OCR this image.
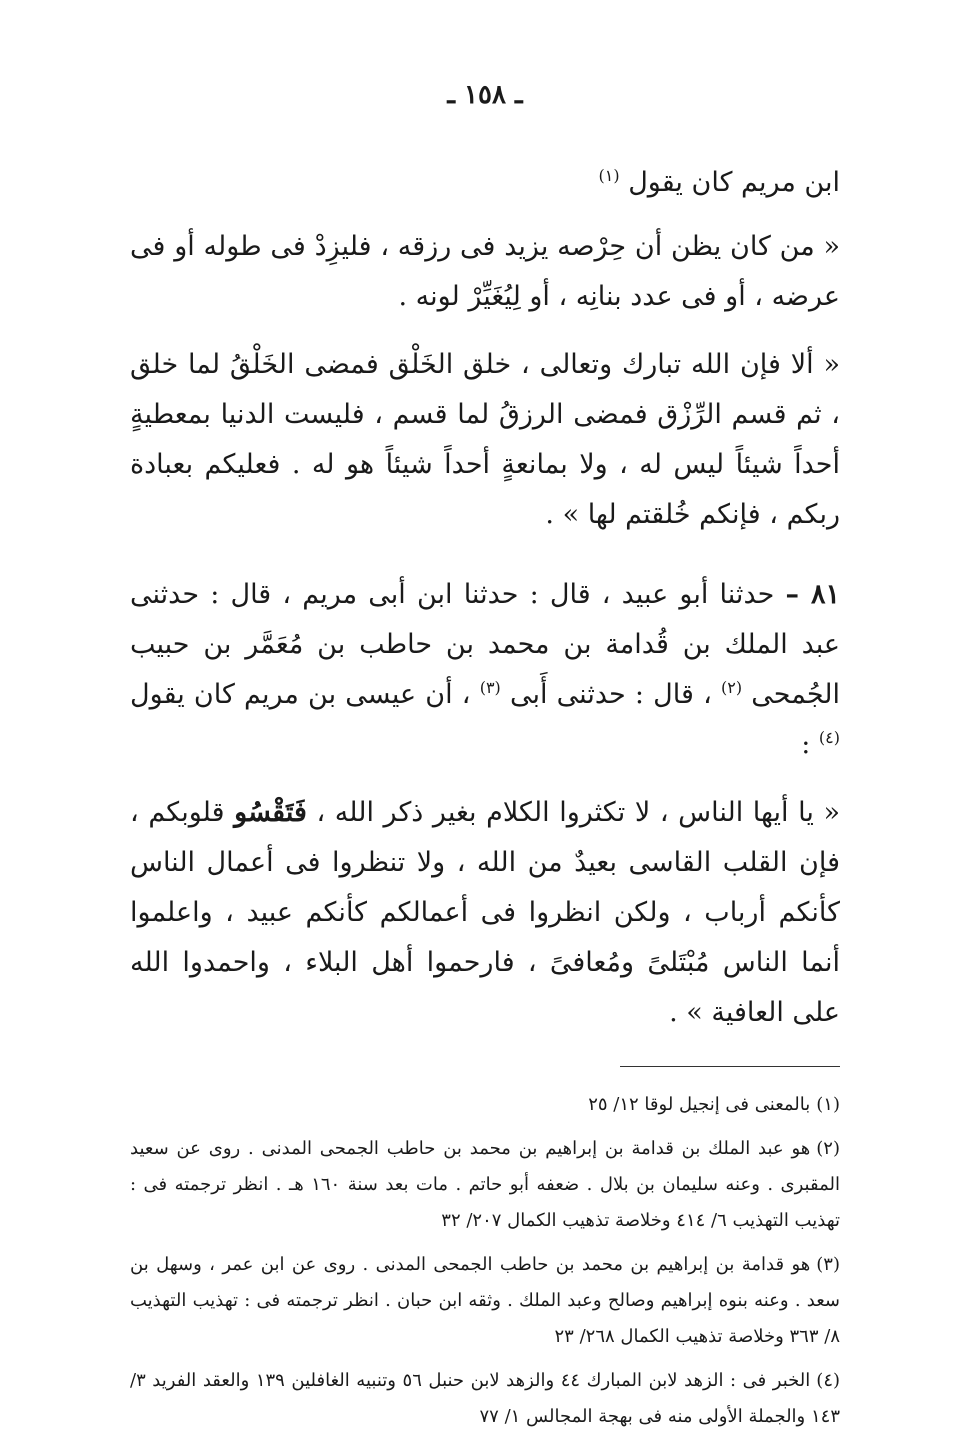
ـ ١٥٨ ـ

ابن مريم كان يقول $^{(١)}$

« من كان يظن أن حِرْصه يزيد فى رزقه ، فليزِدْ فى طوله أو فى عرضه ، أو فى عدد بنانِه ، أو لِيُغَيِّرْ لونه .

« ألا فإن الله تبارك وتعالى ، خلق الخَلْق فمضى الخَلْقُ لما خلق ، ثم قسم الرِّزْق فمضى الرزقُ لما قسم ، فليست الدنيا بمعطيةٍ أحداً شيئاً ليس له ، ولا بمانعةٍ أحداً شيئاً هو له . فعليكم بعبادة ربكم ، فإنكم خُلقتم لها » .

٨١ – حدثنا أبو عبيد ، قال : حدثنا ابن أبى مريم ، قال : حدثنى عبد الملك بن قُدامة بن محمد بن حاطب بن مُعَمَّر بن حبيب الجُمحى $^{(٢)}$ ، قال : حدثنى أَبى $^{(٣)}$ ، أن عيسى بن مريم كان يقول $^{(٤)}$ :

« يا أيها الناس ، لا تكثروا الكلام بغير ذكر الله ، فَتَقْسُو قلوبكم ، فإن القلب القاسى بعيدٌ من الله ، ولا تنظروا فى أعمال الناس كأنكم أرباب ، ولكن انظروا فى أعمالكم كأنكم عبيد ، واعلموا أنما الناس مُبْتَلىً ومُعافىً ، فارحموا أهل البلاء ، واحمدوا الله على العافية » .

(١)بالمعنى فى إنجيل لوقا ١٢/ ٢٥

(٢)هو عبد الملك بن قدامة بن إبراهيم بن محمد بن حاطب الجمحى المدنى . روى عن سعيد المقبرى . وعنه سليمان بن بلال . ضعفه أبو حاتم . مات بعد سنة ١٦٠ هـ . انظر ترجمته فى : تهذيب التهذيب ٦/ ٤١٤ وخلاصة تذهيب الكمال ٢٠٧/ ٣٢

(٣)هو قدامة بن إبراهيم بن محمد بن حاطب الجمحى المدنى . روى عن ابن عمر ، وسهل بن سعد . وعنه بنوه إبراهيم وصالح وعبد الملك . وثقه ابن حبان . انظر ترجمته فى : تهذيب التهذيب ٨/ ٣٦٣ وخلاصة تذهيب الكمال ٢٦٨/ ٢٣

(٤)الخبر فى : الزهد لابن المبارك ٤٤ والزهد لابن حنبل ٥٦ وتنبيه الغافلين ١٣٩ والعقد الفريد ٣/ ١٤٣ والجملة الأولى منه فى بهجة المجالس ١/ ٧٧
